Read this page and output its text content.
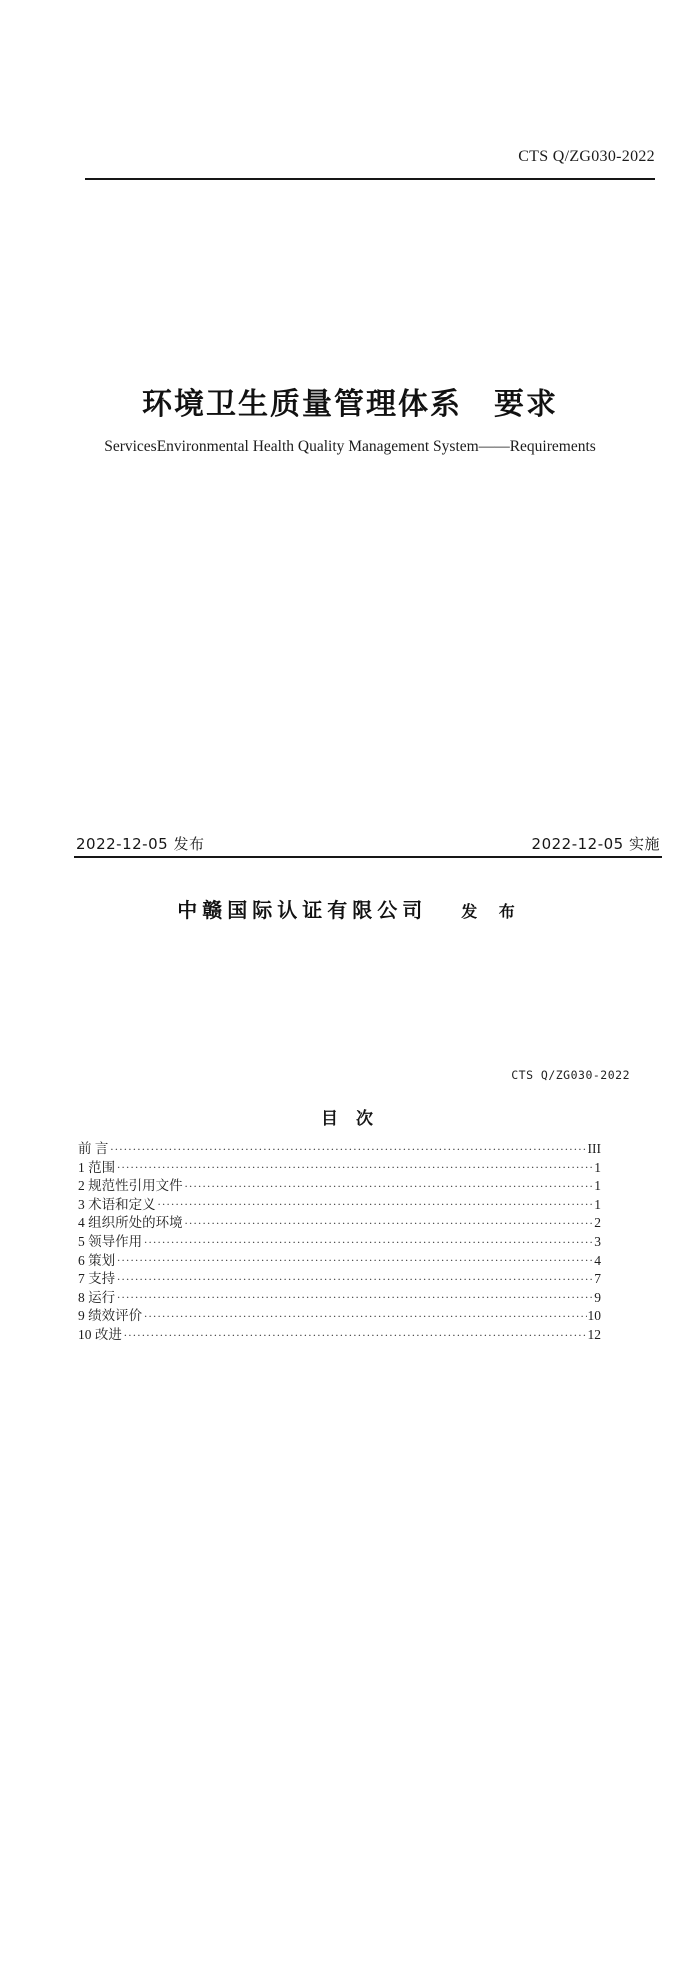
CTS Q/ZG030-2022
环境卫生质量管理体系　要求
ServicesEnvironmental Health Quality Management System——Requirements
2022-12-05 发布	2022-12-05 实施
中赣国际认证有限公司 发 布
CTS Q/ZG030-2022
目 次
前 言 .....	III
1 范围 .....	1
2 规范性引用文件 .....	1
3 术语和定义 .....	1
4 组织所处的环境 .....	2
5 领导作用 .....	3
6 策划 .....	4
7 支持 .....	7
8 运行 .....	9
9 绩效评价 .....	10
10 改进 .....	12
